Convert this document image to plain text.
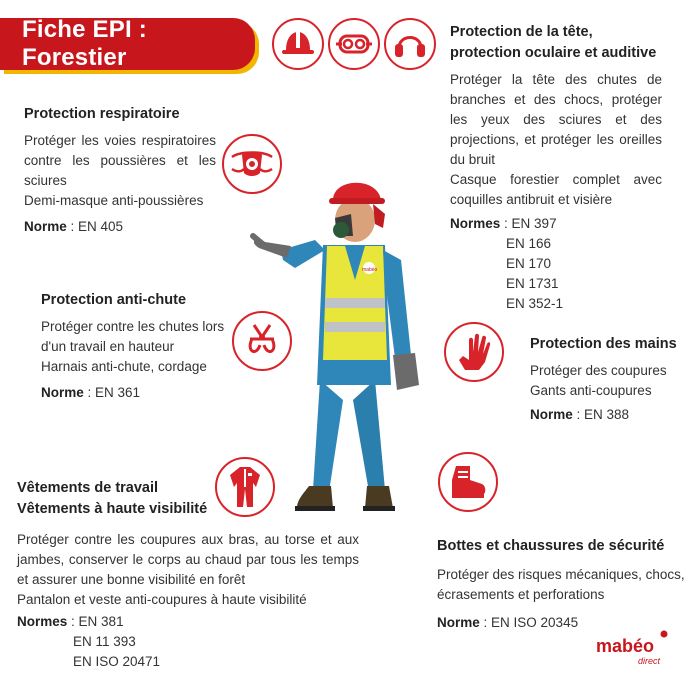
Fiche EPI : Forestier
Protection de la tête, protection oculaire et auditive

Protéger la tête des chutes de branches et des chocs, protéger les yeux des sciures et des projections, et protéger les oreilles du bruit

Casque forestier complet avec coquilles antibruit et visière

Normes : EN 397
EN 166
EN 170
EN 1731
EN 352-1
Protection respiratoire

Protéger les voies respiratoires contre les poussières et les sciures

Demi-masque anti-poussières

Norme : EN 405

Protection anti-chute

Protéger contre les chutes lors d'un travail en hauteur

Harnais anti-chute, cordage

Norme : EN 361

Protection des mains

Protéger des coupures

Gants anti-coupures

Norme : EN 388

Vêtements de travail
Vêtements à haute visibilité

Protéger contre les coupures aux bras, au torse et aux jambes, conserver le corps au chaud par tous les temps et assurer une bonne visibilité en forêt

Pantalon et veste anti-coupures à haute visibilité

Normes : EN 381
EN 11 393
EN ISO 20471
Bottes et chaussures de sécurité

Protéger des risques mécaniques, chocs, écrasements et perforations

Norme : EN ISO 20345

mabéo
mabéo
direct
